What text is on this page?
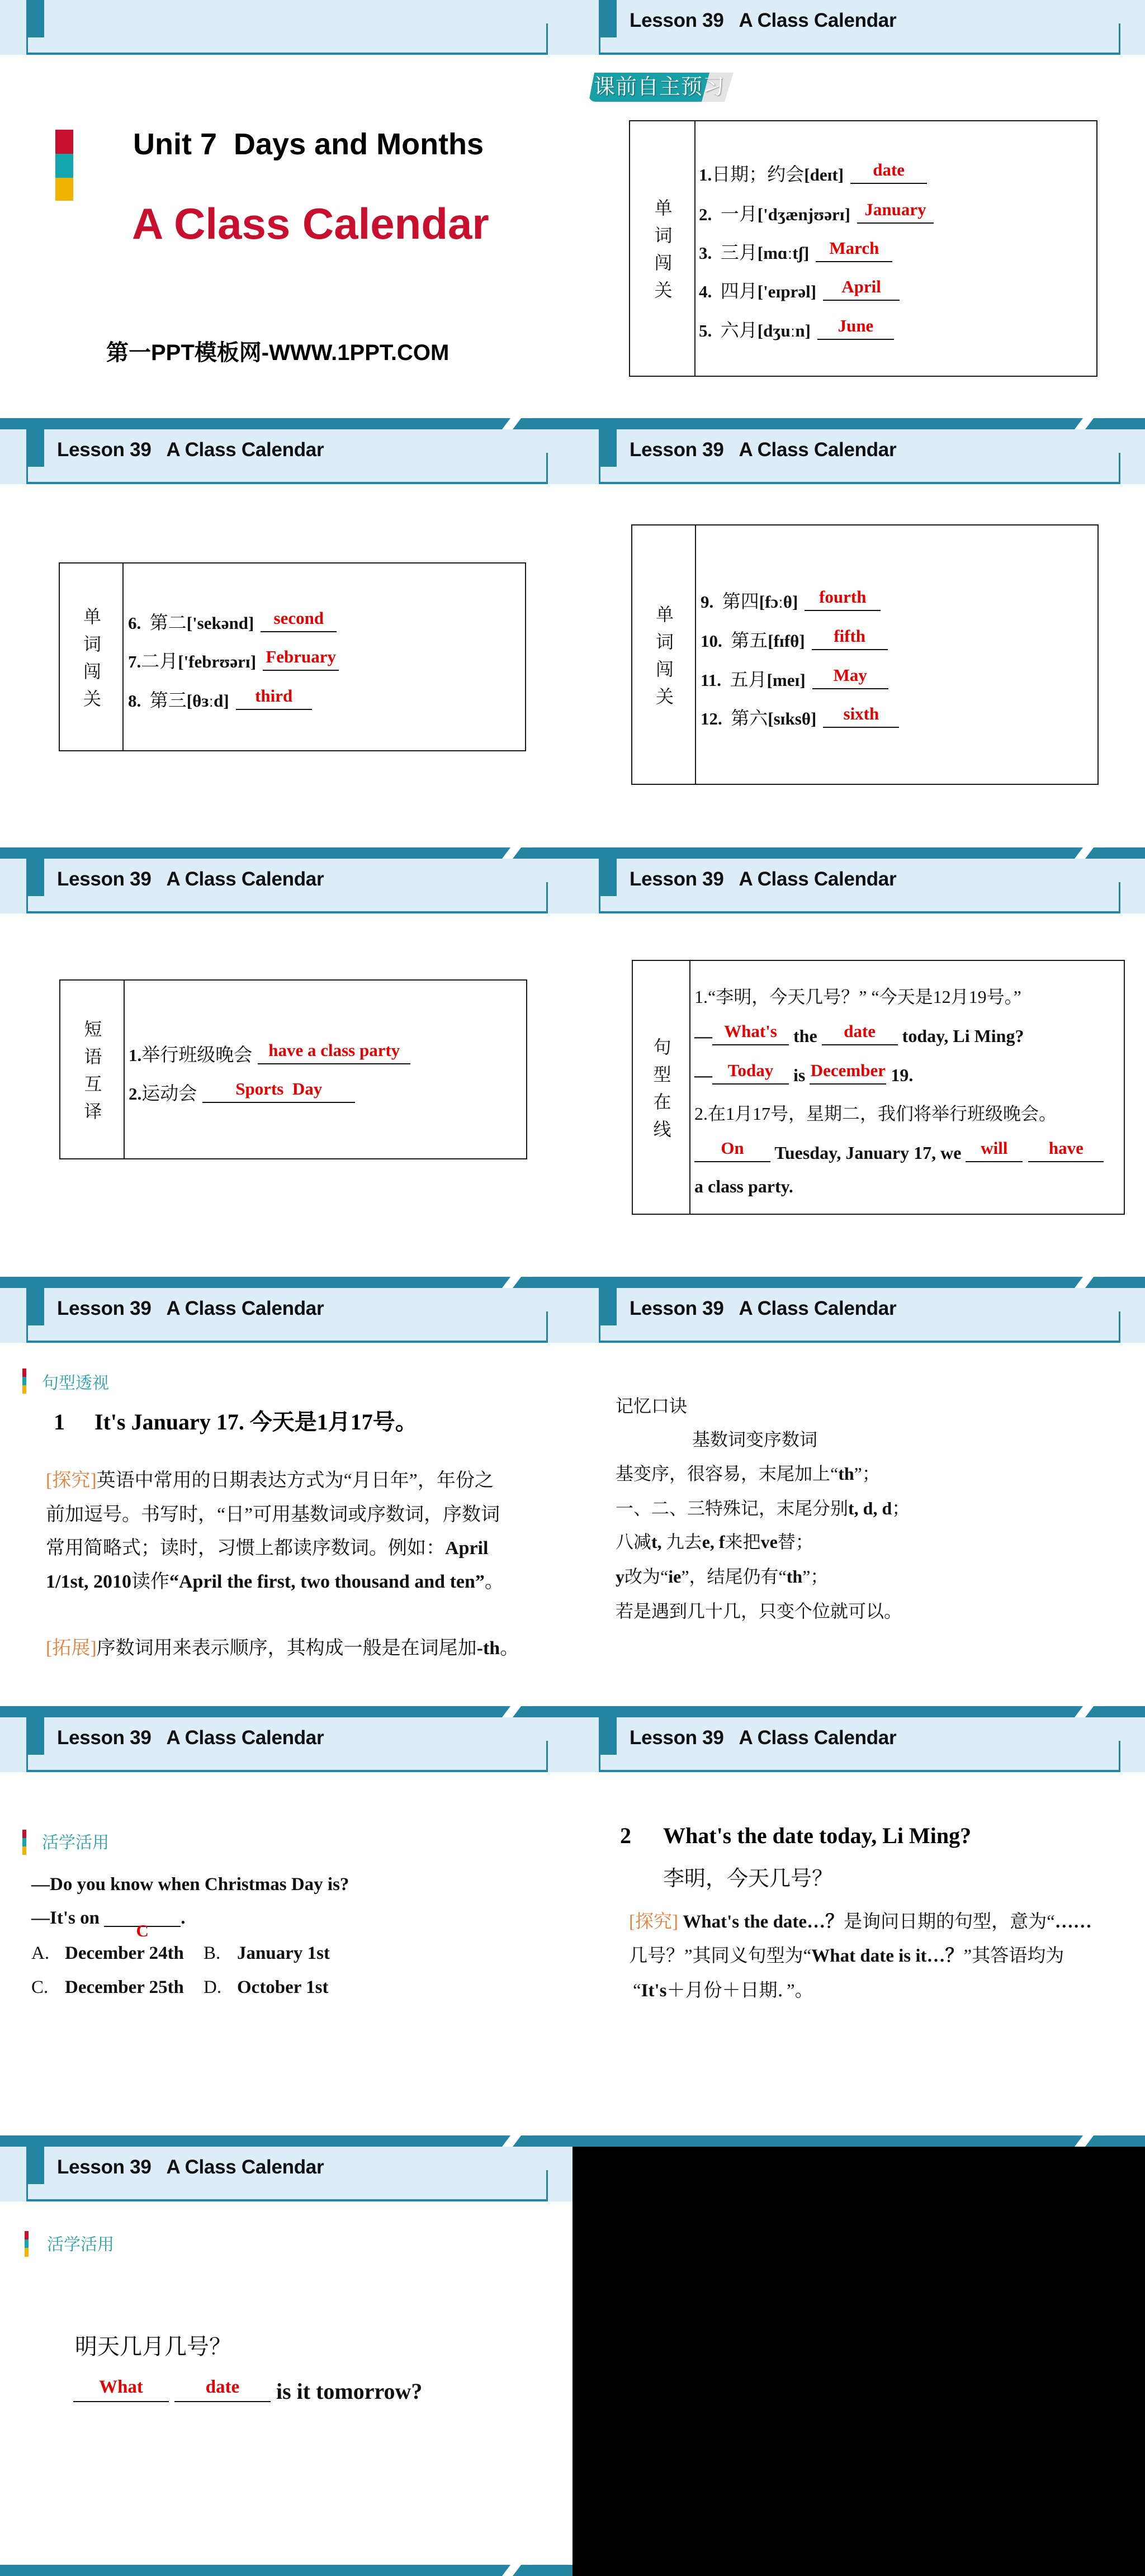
Unit 7  Days and Months
A Class Calendar
第一PPT模板网-WWW.1PPT.COM
Lesson 39   A Class Calendar
课前自主预习
单词闯关
1.日期；约会[deɪt]	date
2.  一月['dʒænjʊərɪ] January
3.  三月[mɑːtʃ]	March
4.  四月['eɪprəl]	April
5.  六月[dʒuːn]	June
Lesson 39   A Class Calendar
单词闯关 6.  第二['sekənd]	second
7.二月['febrʊərɪ] February
8.  第三[θɜːd]	third
Lesson 39   A Class Calendar
单词闯关
9.  第四[fɔːθ]	fourth
10.  第五[fɪfθ]	fifth
11.  五月[meɪ]	May
12.  第六[sɪksθ]	sixth
Lesson 39   A Class Calendar
短语互译 1.举行班级晚会 have a class party
2.运动会	Sports  Day
Lesson 39   A Class Calendar
句型在线
1.“李明，今天几号？” “今天是12月19号。”
— What's the	date	today, Li Ming?
— Today is December 19.
2.在1月17号，星期二，我们将举行班级晚会。
On	Tuesday, January 17, we will	have
a class party.
Lesson 39   A Class Calendar
句型透视
1 It's January 17. 今天是1月17号。
[探究]英语中常用的日期表达方式为“月日年”，年份之
前加逗号。书写时，“日”可用基数词或序数词，序数词
常用简略式；读时，习惯上都读序数词。例如：April
1/1st, 2010读作“April the first, two thousand and ten”。
[拓展]序数词用来表示顺序，其构成一般是在词尾加-th。
Lesson 39   A Class Calendar
记忆口诀
基数词变序数词
基变序，很容易，末尾加上“th”；
一、二、三特殊记，末尾分别t, d, d；
八减t, 九去e, f来把ve替；
y改为“ie”，结尾仍有“th”；
若是遇到几十几，只变个位就可以。
Lesson 39   A Class Calendar
活学活用
—Do you know when Christmas Day is?
—It's on
C
.
A. December 24th B. January 1st
C. December 25th D. October 1st
Lesson 39   A Class Calendar
2 What's the date today, Li Ming?
李明，今天几号？
[探究] What's the date…？是询问日期的句型，意为“……
几号？”其同义句型为“What date is it…？”其答语均为
“It's＋月份＋日期．”。
Lesson 39   A Class Calendar
活学活用
明天几月几号？
What	date	is it tomorrow?
